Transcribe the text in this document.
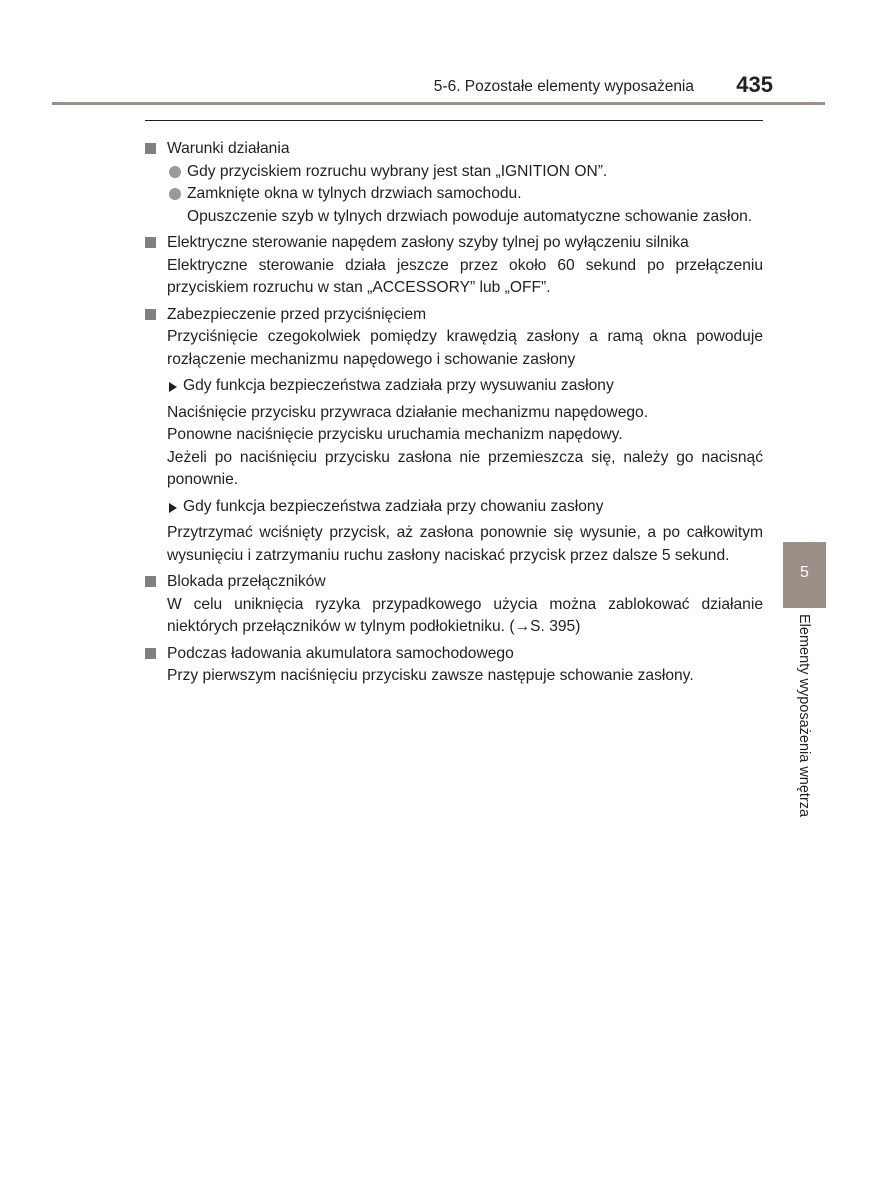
5-6. Pozostałe elementy wyposażenia 435
Warunki działania
Gdy przyciskiem rozruchu wybrany jest stan „IGNITION ON”.
Zamknięte okna w tylnych drzwiach samochodu.
Opuszczenie szyb w tylnych drzwiach powoduje automatyczne schowanie zasłon.
Elektryczne sterowanie napędem zasłony szyby tylnej po wyłączeniu silnika
Elektryczne sterowanie działa jeszcze przez około 60 sekund po przełączeniu przyciskiem rozruchu w stan „ACCESSORY” lub „OFF”.
Zabezpieczenie przed przyciśnięciem
Przyciśnięcie czegokolwiek pomiędzy krawędzią zasłony a ramą okna powoduje rozłączenie mechanizmu napędowego i schowanie zasłony
Gdy funkcja bezpieczeństwa zadziała przy wysuwaniu zasłony
Naciśnięcie przycisku przywraca działanie mechanizmu napędowego.
Ponowne naciśnięcie przycisku uruchamia mechanizm napędowy.
Jeżeli po naciśnięciu przycisku zasłona nie przemieszcza się, należy go nacisnąć ponownie.
Gdy funkcja bezpieczeństwa zadziała przy chowaniu zasłony
Przytrzymać wciśnięty przycisk, aż zasłona ponownie się wysunie, a po całkowitym wysunięciu i zatrzymaniu ruchu zasłony naciskać przycisk przez dalsze 5 sekund.
Blokada przełączników
W celu uniknięcia ryzyka przypadkowego użycia można zablokować działanie niektórych przełączników w tylnym podłokietniku. (→S. 395)
Podczas ładowania akumulatora samochodowego
Przy pierwszym naciśnięciu przycisku zawsze następuje schowanie zasłony.
5
Elementy wyposażenia wnętrza
